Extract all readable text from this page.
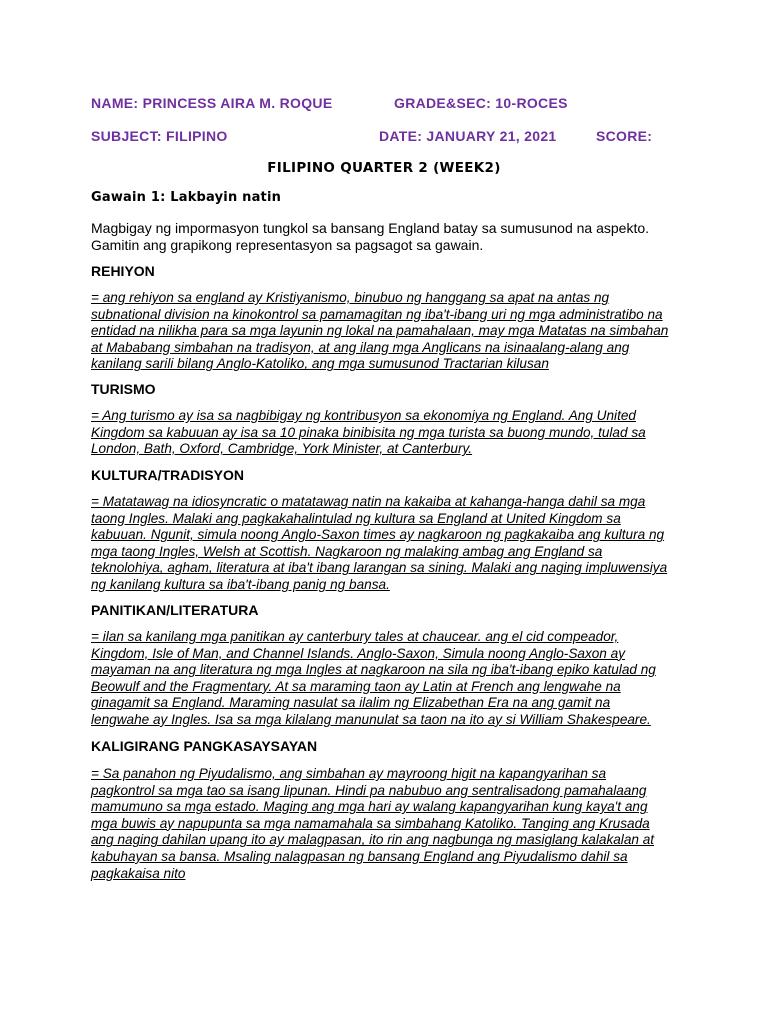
NAME: PRINCESS AIRA M. ROQUE	GRADE&SEC: 10-ROCES
SUBJECT: FILIPINO	DATE: JANUARY 21, 2021	SCORE:
FILIPINO QUARTER 2 (WEEK2)
Gawain 1: Lakbayin natin
Magbigay ng impormasyon tungkol sa bansang England batay sa sumusunod na aspekto.
Gamitin ang grapikong representasyon sa pagsagot sa gawain.
REHIYON
= ang rehiyon sa england ay Kristiyanismo, binubuo ng hanggang sa apat na antas ng
subnational division na kinokontrol sa pamamagitan ng iba't-ibang uri ng mga administratibo na
entidad na nilikha para sa mga layunin ng lokal na pamahalaan, may mga Matatas na simbahan
at Mababang simbahan na tradisyon, at ang ilang mga Anglicans na isinaalang-alang ang
kanilang sarili bilang Anglo-Katoliko, ang mga sumusunod Tractarian kilusan
TURISMO
= Ang turismo ay isa sa nagbibigay ng kontribusyon sa ekonomiya ng England. Ang United
Kingdom sa kabuuan ay isa sa 10 pinaka binibisita ng mga turista sa buong mundo, tulad sa
London, Bath, Oxford, Cambridge, York Minister, at Canterbury.
KULTURA/TRADISYON
= Matatawag na idiosyncratic o matatawag natin na kakaiba at kahanga-hanga dahil sa mga
taong Ingles. Malaki ang pagkakahalintulad ng kultura sa England at United Kingdom sa
kabuuan. Ngunit, simula noong Anglo-Saxon times ay nagkaroon ng pagkakaiba ang kultura ng
mga taong Ingles, Welsh at Scottish. Nagkaroon ng malaking ambag ang England sa
teknolohiya, agham, literatura at iba't ibang larangan sa sining. Malaki ang naging impluwensiya
ng kanilang kultura sa iba't-ibang panig ng bansa.
PANITIKAN/LITERATURA
= ilan sa kanilang mga panitikan ay canterbury tales at chaucear. ang el cid compeador,
Kingdom, Isle of Man, and Channel Islands. Anglo-Saxon, Simula noong Anglo-Saxon ay
mayaman na ang literatura ng mga Ingles at nagkaroon na sila ng iba't-ibang epiko katulad ng
Beowulf and the Fragmentary. At sa maraming taon ay Latin at French ang lengwahe na
ginagamit sa England. Maraming nasulat sa ilalim ng Elizabethan Era na ang gamit na
lengwahe ay Ingles. Isa sa mga kilalang manunulat sa taon na ito ay si William Shakespeare.
KALIGIRANG PANGKASAYSAYAN
= Sa panahon ng Piyudalismo, ang simbahan ay mayroong higit na kapangyarihan sa
pagkontrol sa mga tao sa isang lipunan. Hindi pa nabubuo ang sentralisadong pamahalaang
mamumuno sa mga estado. Maging ang mga hari ay walang kapangyarihan kung kaya't ang
mga buwis ay napupunta sa mga namamahala sa simbahang Katoliko. Tanging ang Krusada
ang naging dahilan upang ito ay malagpasan, ito rin ang nagbunga ng masiglang kalakalan at
kabuhayan sa bansa. Msaling nalagpasan ng bansang England ang Piyudalismo dahil sa
pagkakaisa nito
